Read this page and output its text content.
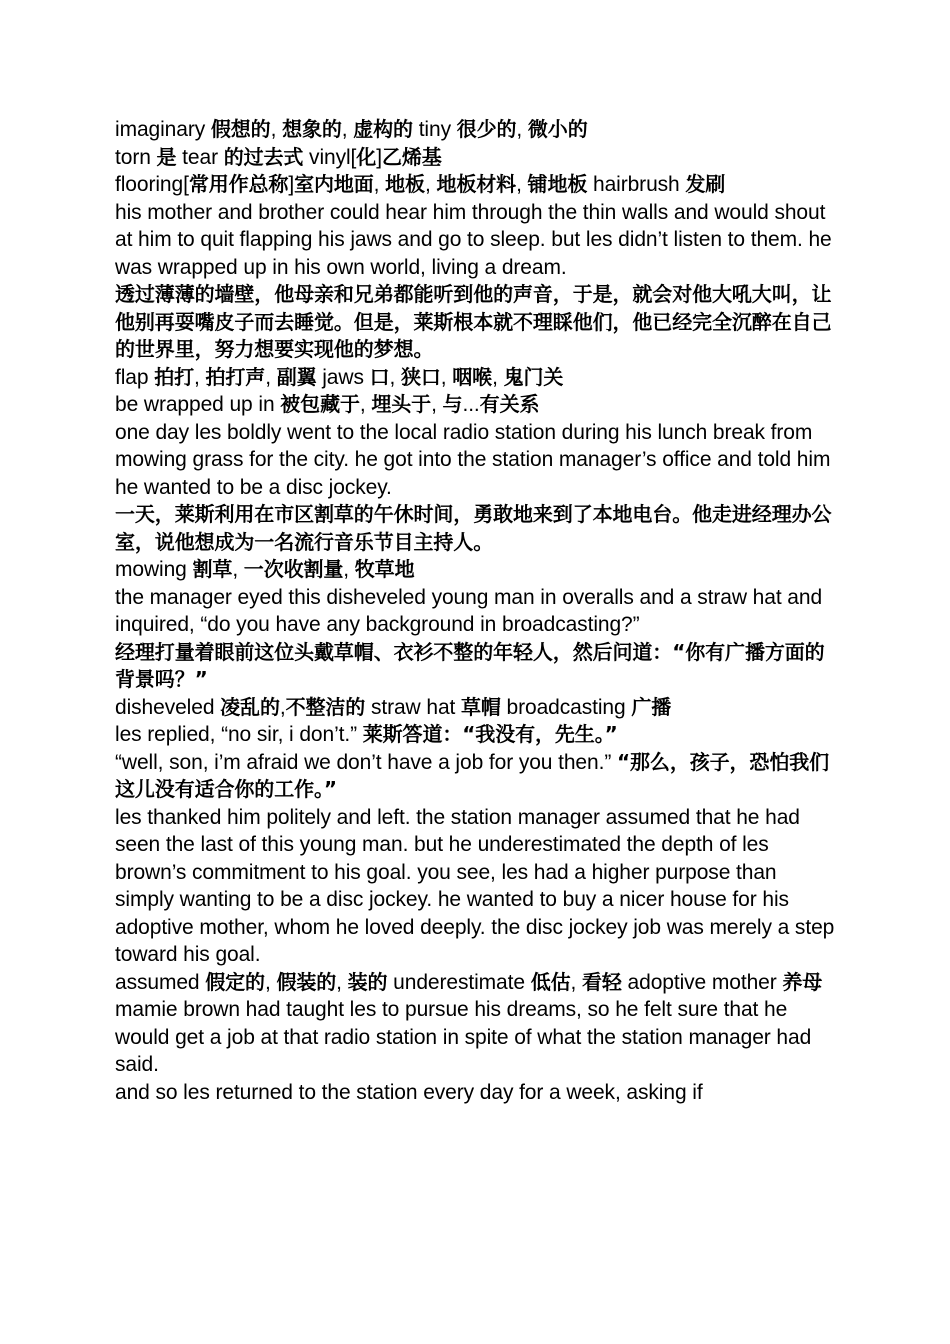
imaginary 假想的, 想象的, 虚构的 tiny 很少的, 微小的
torn 是 tear 的过去式 vinyl[化]乙烯基
flooring[常用作总称]室内地面, 地板, 地板材料, 铺地板 hairbrush 发刷
his mother and brother could hear him through the thin walls and would shout at him to quit flapping his jaws and go to sleep. but les didn’t listen to them. he was wrapped up in his own world, living a dream.
透过薄薄的墙壁，他母亲和兄弟都能听到他的声音，于是，就会对他大吼大叫，让他别再耍嘴皮子而去睡觉。但是，莱斯根本就不理睬他们，他已经完全沉醉在自己的世界里，努力想要实现他的梦想。
flap 拍打, 拍打声, 副翼 jaws 口, 狭口, 咽喉, 鬼门关
be wrapped up in 被包藏于, 埋头于, 与...有关系
one day les boldly went to the local radio station during his lunch break from mowing grass for the city. he got into the station manager’s office and told him he wanted to be a disc jockey.
一天，莱斯利用在市区割草的午休时间，勇敢地来到了本地电台。他走进经理办公室，说他想成为一名流行音乐节目主持人。
mowing 割草, 一次收割量, 牧草地
the manager eyed this disheveled young man in overalls and a straw hat and inquired, “do you have any background in broadcasting?”
经理打量着眼前这位头戴草帽、衣衫不整的年轻人，然后问道：“你有广播方面的背景吗？”
disheveled 凌乱的,不整洁的 straw hat 草帽 broadcasting 广播
les replied, “no sir, i don’t.” 莱斯答道：“我没有，先生。”
“well, son, i’m afraid we don’t have a job for you then.” “那么，孩子，恐怕我们这儿没有适合你的工作。”
les thanked him politely and left. the station manager assumed that he had seen the last of this young man. but he underestimated the depth of les brown’s commitment to his goal. you see, les had a higher purpose than simply wanting to be a disc jockey. he wanted to buy a nicer house for his adoptive mother, whom he loved deeply. the disc jockey job was merely a step toward his goal.
assumed 假定的, 假装的, 装的 underestimate 低估, 看轻 adoptive mother 养母
mamie brown had taught les to pursue his dreams, so he felt sure that he would get a job at that radio station in spite of what the station manager had said.
and so les returned to the station every day for a week, asking if
